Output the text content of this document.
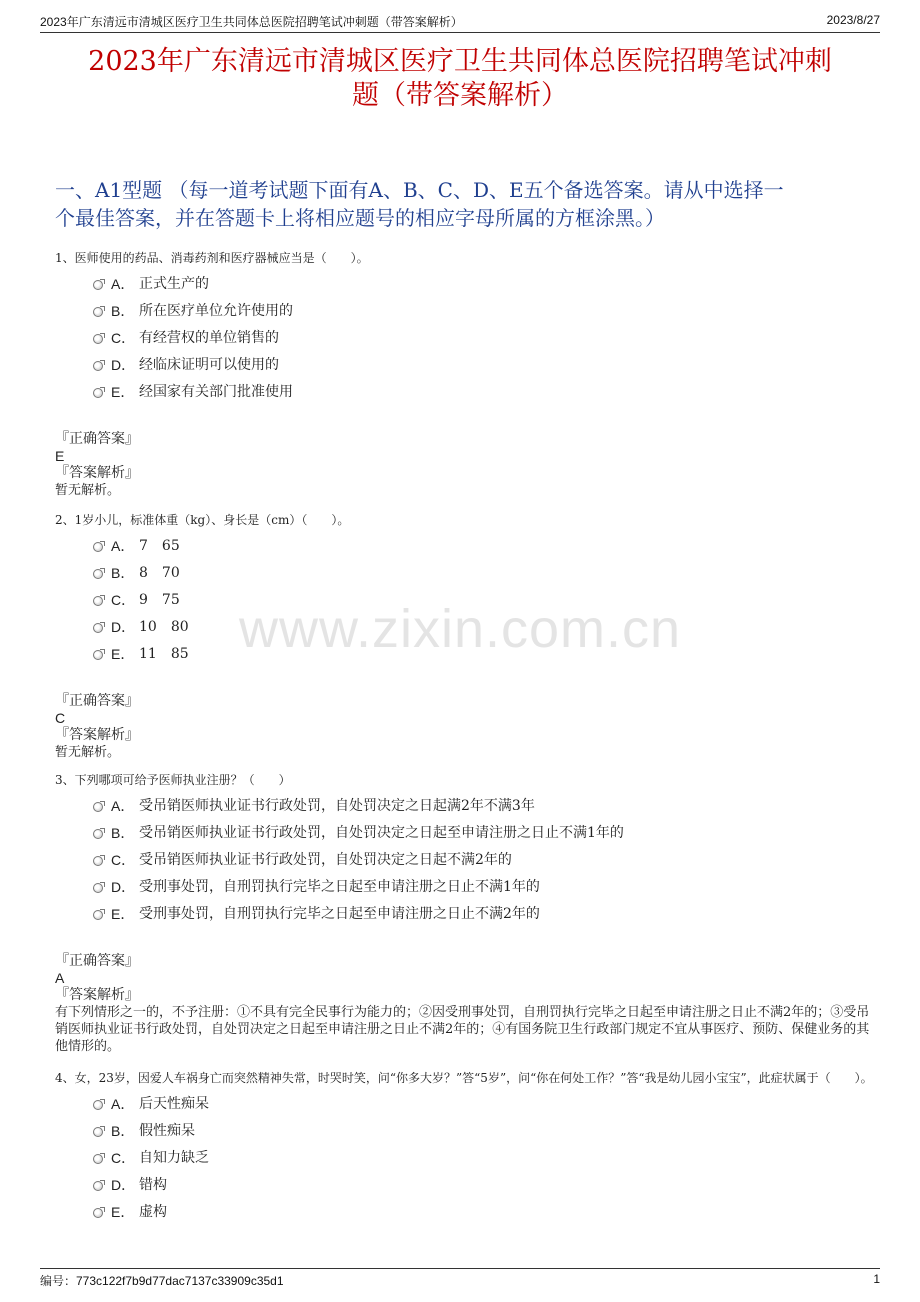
2023年广东清远市清城区医疗卫生共同体总医院招聘笔试冲刺题（带答案解析）	2023/8/27
2023年广东清远市清城区医疗卫生共同体总医院招聘笔试冲刺
题（带答案解析）
一、A1型题 （每一道考试题下面有A、B、C、D、E五个备选答案。请从中选择一
个最佳答案，并在答题卡上将相应题号的相应字母所属的方框涂黑。）
www.zixin.com.cn
1、医师使用的药品、消毒药剂和医疗器械应当是（　　）。
A． 正式生产的
B． 所在医疗单位允许使用的
C． 有经营权的单位销售的
D． 经临床证明可以使用的
E． 经国家有关部门批准使用
『正确答案』
E
『答案解析』
暂无解析。
2、1岁小儿，标准体重（kg）、身长是（cm）（　　）。
A． 7　65
B． 8　70
C． 9　75
D． 10　80
E． 11　85
『正确答案』
C
『答案解析』
暂无解析。
3、下列哪项可给予医师执业注册？（　　）
A． 受吊销医师执业证书行政处罚，自处罚决定之日起满2年不满3年
B． 受吊销医师执业证书行政处罚，自处罚决定之日起至申请注册之日止不满1年的
C． 受吊销医师执业证书行政处罚，自处罚决定之日起不满2年的
D． 受刑事处罚，自刑罚执行完毕之日起至申请注册之日止不满1年的
E． 受刑事处罚，自刑罚执行完毕之日起至申请注册之日止不满2年的
『正确答案』
A
『答案解析』
有下列情形之一的，不予注册：①不具有完全民事行为能力的；②因受刑事处罚，自刑罚执行完毕之日起至申请注册之日止不满2年的；③受吊销医师执业证书行政处罚，自处罚决定之日起至申请注册之日止不满2年的；④有国务院卫生行政部门规定不宜从事医疗、预防、保健业务的其他情形的。
4、女，23岁，因爱人车祸身亡而突然精神失常，时哭时笑，问“你多大岁？”答“5岁”，问“你在何处工作？”答“我是幼儿园小宝宝”，此症状属于（　　）。
A． 后天性痴呆
B． 假性痴呆
C． 自知力缺乏
D． 错构
E． 虚构
编号：773c122f7b9d77dac7137c33909c35d1	1
